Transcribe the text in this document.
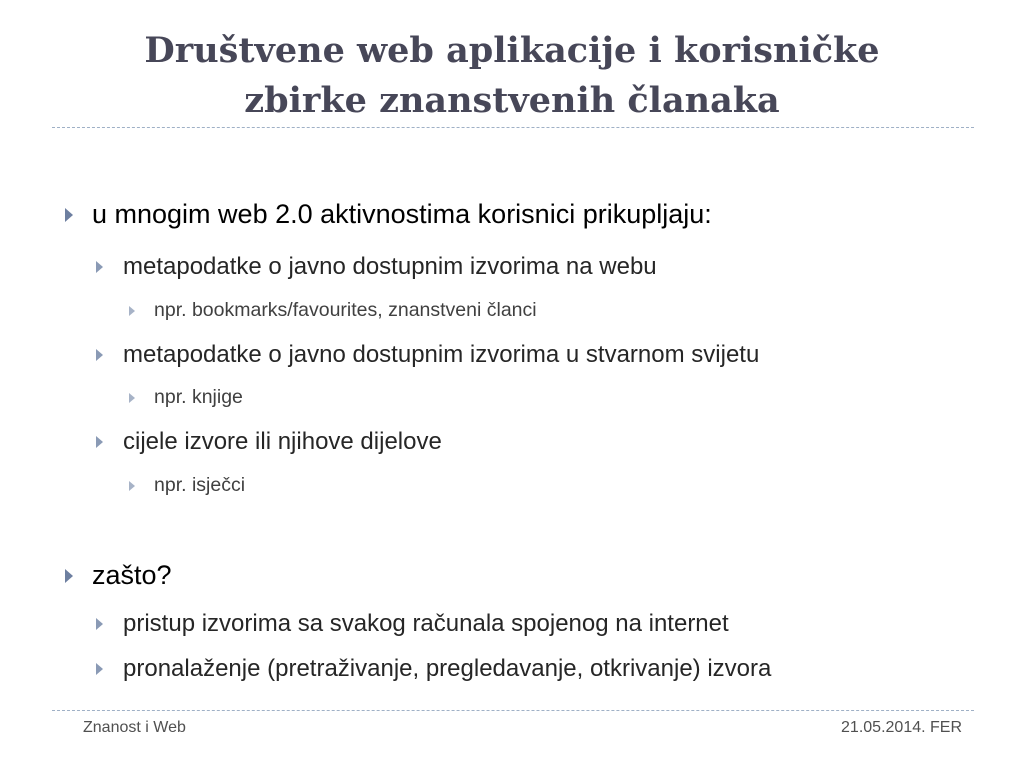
Društvene web aplikacije i korisničke
zbirke znanstvenih članaka
u mnogim web 2.0 aktivnostima korisnici prikupljaju:
metapodatke o javno dostupnim izvorima na webu
npr. bookmarks/favourites, znanstveni članci
metapodatke o javno dostupnim izvorima u stvarnom svijetu
npr. knjige
cijele izvore ili njihove dijelove
npr. isječci
zašto?
pristup izvorima sa svakog računala spojenog na internet
pronalaženje (pretraživanje, pregledavanje, otkrivanje) izvora
Znanost i Web	21.05.2014. FER
